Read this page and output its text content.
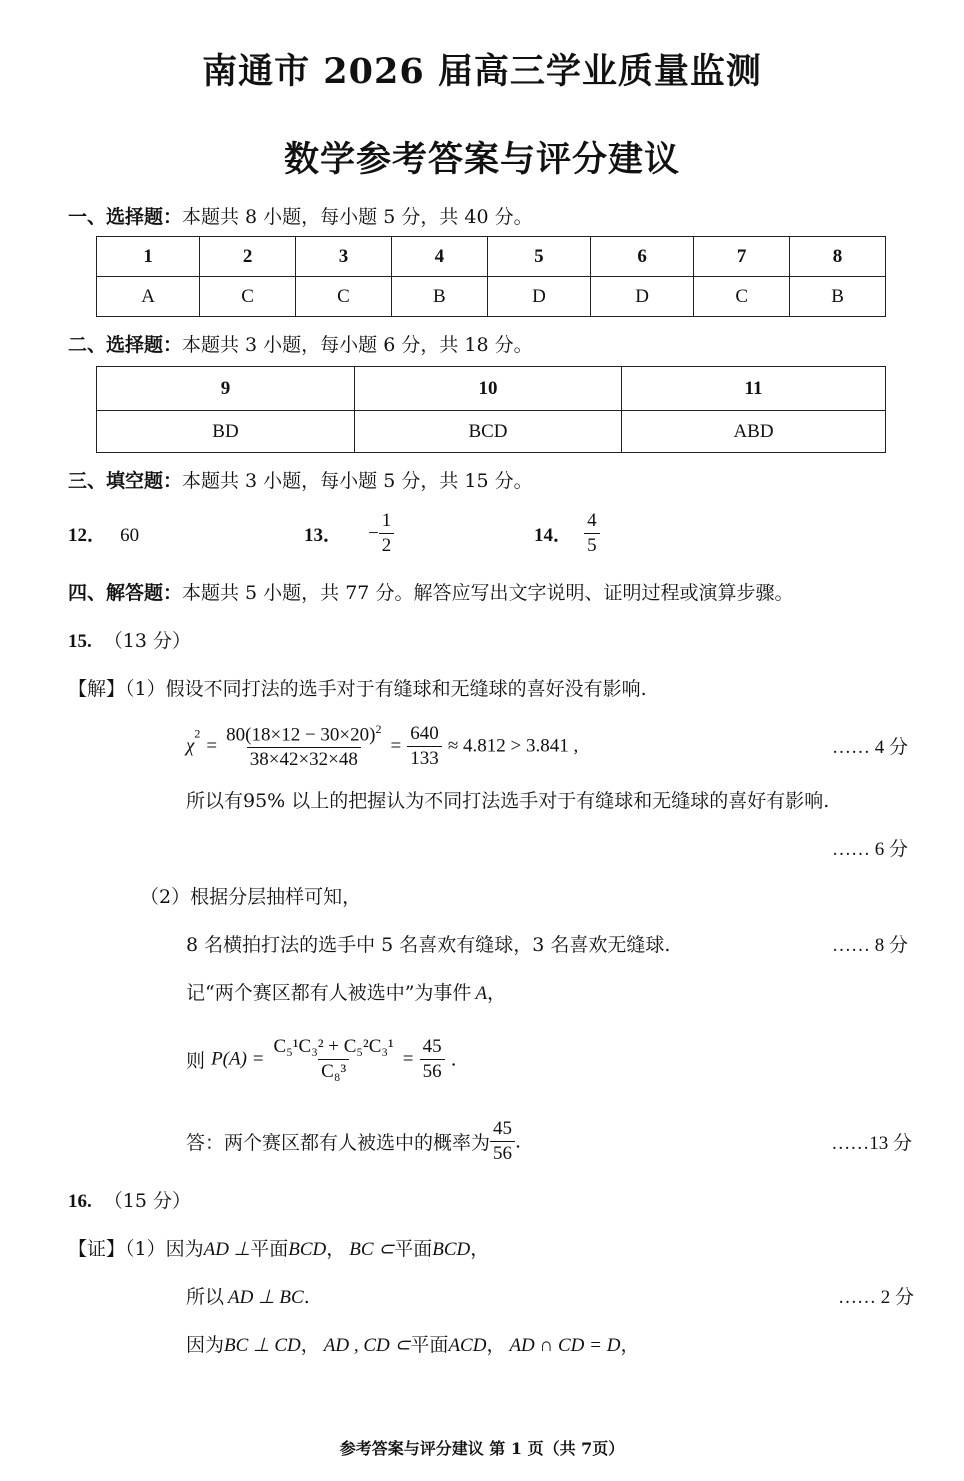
南通市 2026 届高三学业质量监测
数学参考答案与评分建议
一、选择题：本题共 8 小题，每小题 5 分，共 40 分。
1	2	3	4	5	6	7	8
A	C	C	B	D	D	C	B
二、选择题：本题共 3 小题，每小题 6 分，共 18 分。
9	10	11
BD	BCD	ABD
三、填空题：本题共 3 小题，每小题 5 分，共 15 分。
12． 60	13． − $\frac{1}{2}$	14． $\frac{4}{5}$
四、解答题：本题共 5 小题，共 77 分。解答应写出文字说明、证明过程或演算步骤。
15. （13 分）
【解】（1）假设不同打法的选手对于有缝球和无缝球的喜好没有影响.
$\chi^2 = \frac{80(18\times 12 - 30\times 20)^2}{38\times 42\times 32\times 48} = \frac{640}{133} \approx 4.812 > 3.841$ ,	…… 4 分
所以有95% 以上的把握认为不同打法选手对于有缝球和无缝球的喜好有影响.
…… 6 分
（2）根据分层抽样可知，
8 名横拍打法的选手中 5 名喜欢有缝球，3 名喜欢无缝球.	…… 8 分
记“两个赛区都有人被选中”为事件 A，
则 $P(A) = \frac{\text{C₅¹C₃² + C₅²C₃¹}}{\text{C₈³}} = \frac{45}{56}$ .
答：两个赛区都有人被选中的概率为 $\frac{45}{56}$ .	……13 分
16. （15 分）
【证】（1）因为AD ⊥平面BCD， BC ⊂平面BCD，
所以 AD ⊥ BC.	…… 2 分
因为BC ⊥ CD， AD , CD ⊂平面ACD， AD ∩ CD = D，
参考答案与评分建议 第 1 页（共 7页）
